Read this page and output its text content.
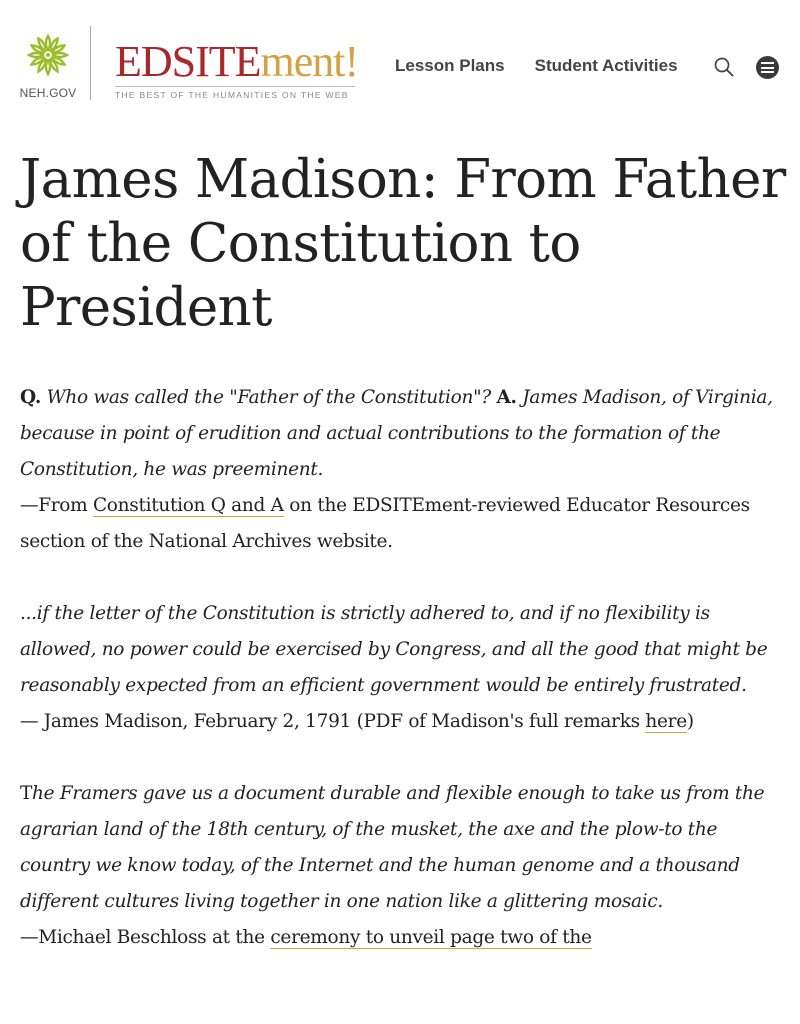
NEH.GOV
EDSITEment!
THE BEST OF THE HUMANITIES ON THE WEB
Lesson Plans Student Activities
James Madison: From Father of the Constitution to President

Q. Who was called the "Father of the Constitution"? A. James Madison, of Virginia, because in point of erudition and actual contributions to the formation of the Constitution, he was preeminent.
—From Constitution Q and A on the EDSITEment-reviewed Educator Resources section of the National Archives website.

...if the letter of the Constitution is strictly adhered to, and if no flexibility is allowed, no power could be exercised by Congress, and all the good that might be reasonably expected from an efficient government would be entirely frustrated.
— James Madison, February 2, 1791 (PDF of Madison's full remarks here)

The Framers gave us a document durable and flexible enough to take us from the agrarian land of the 18th century, of the musket, the axe and the plow-to the country we know today, of the Internet and the human genome and a thousand different cultures living together in one nation like a glittering mosaic.
—Michael Beschloss at the ceremony to unveil page two of the
